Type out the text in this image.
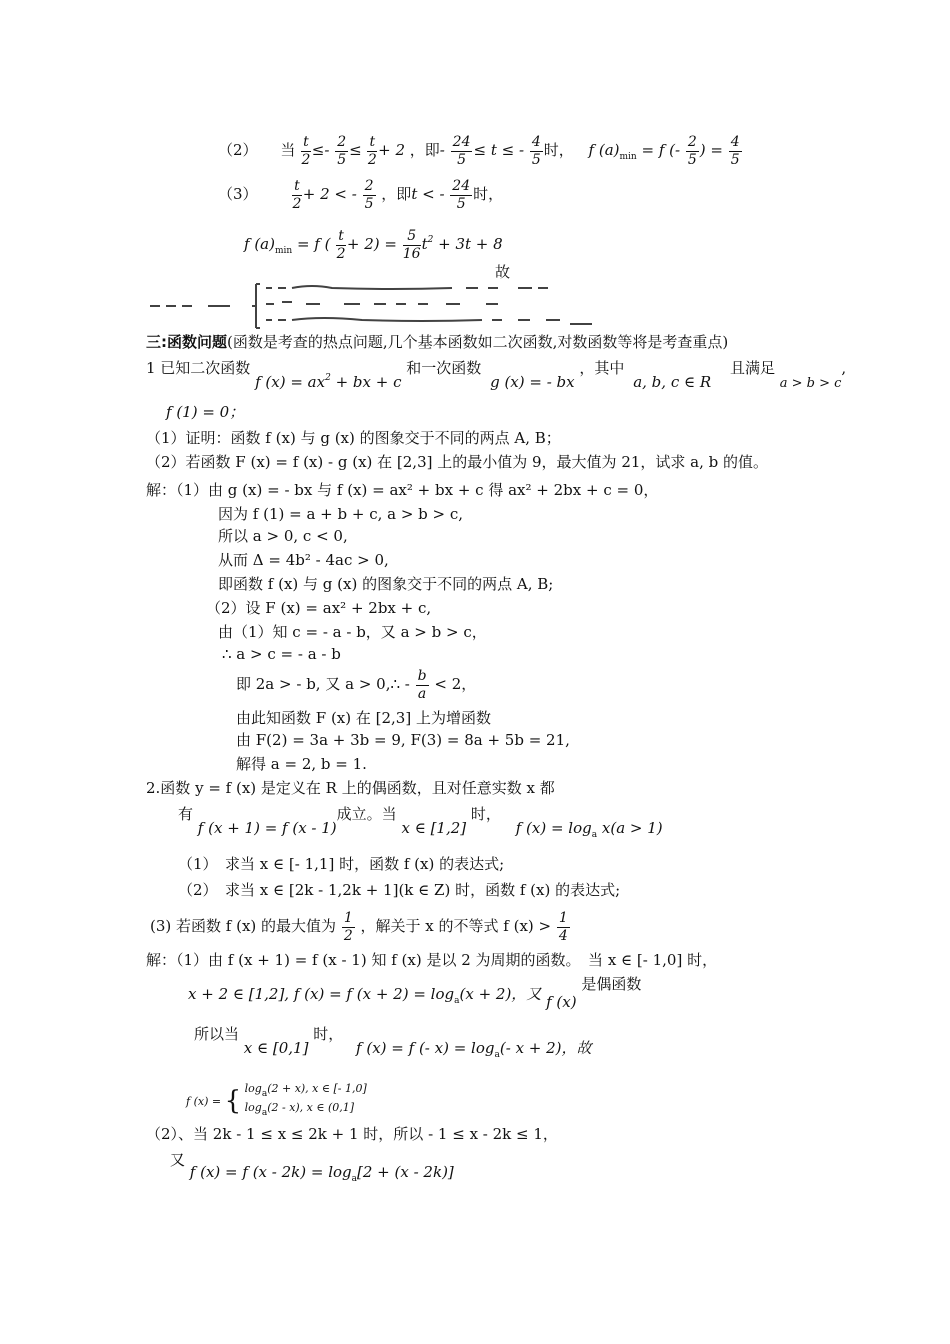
（2） 当 $\frac{t}{2} \le- \frac{2}{5} \le \frac{t}{2} + 2$ ，即- $\frac{24}{5} \le t$ ≤ - $\frac{4}{5}$ 时， f $(a)_{min} = f$ (- $\frac{2}{5}$ ) = $\frac{4}{5}$
$(3) \frac{t}{2} + 2$ < - $\frac{2}{5}$ ，即t < - $\frac{24}{5}$ 时，
f $(a)_{min} = f$ ( $\frac{t}{2} + 2) = \frac{5}{16} t^2 + 3t + 8$
故
三:函数问题(函数是考查的热点问题,几个基本函数如二次函数,对数函数等将是考查重点)
1 已知二次函数 f $(x) = ax^2$ + bx + c 和一次函数 g (x) = - bx ，其中 a, b, c ∈ R 且满足 a > b > c,
f (1) = 0；
（1）证明：函数 f (x) 与 g (x) 的图象交于不同的两点 A, B；
（2）若函数 F (x) = f (x) - g (x) 在 [2,3] 上的最小值为 9，最大值为 21，试求 a, b 的值。
解：（1）由 g (x) = - bx 与 f (x) = ax² + bx + c 得 ax² + 2bx + c = 0，
因为 f (1) = a + b + c, a > b > c,
所以 a > 0, c < 0,
从而 Δ = 4b² - 4ac > 0,
即函数 f (x) 与 g (x) 的图象交于不同的两点 A, B;
（2）设 F (x) = ax² + 2bx + c,
由（1）知 c = - a - b，又 a > b > c，
∴ a > c = - a - b
即 2a > - b, 又 a > 0,∴ - $\frac{b}{a} < 2$，
由此知函数 F (x) 在 [2,3] 上为增函数
由 F(2) = 3a + 3b = 9, F(3) = 8a + 5b = 21,
解得 a = 2, b = 1.
2.函数 y = f (x) 是定义在 R 上的偶函数，且对任意实数 x 都
有 f (x + 1) = f (x - 1)成立。当 x ∈ [1,2] 时， f $(x) = \log_a x(a > 1)$
（1）　求当 x ∈ [- 1,1] 时，函数 f (x) 的表达式;
（2）　求当 x ∈ [2k - 1,2k + 1](k ∈ Z) 时，函数 f (x) 的表达式;
(3) 若函数 f (x) 的最大值为 $\frac{1}{2}$ ，解关于 x 的不等式 f $(x) > \frac{1}{4}$
解：（1）由 f (x + 1) = f (x - 1) 知 f (x) 是以 2 为周期的函数。　当 x ∈ [- 1,0] 时，
x + 2 ∈ [1,2], f (x) = f $(x + 2) = \log_a(x + 2)$，又 f (x) 是偶函数
所以当 x ∈ [0,1] 时， f (x) = f (- $x) = \log_a(-$ x + 2)，故
f (x) = { $\log_a(2 + x)$, x ∈ [- 1,0]
$\log_a(2 - x)$, x ∈ (0,1]
（2）、当 2k - 1 ≤ x ≤ 2k + 1 时，所以 - 1 ≤ x - 2k ≤ 1，
又 f (x) = f $(x - 2k) = \log_a[2 + (x - 2k)]$
